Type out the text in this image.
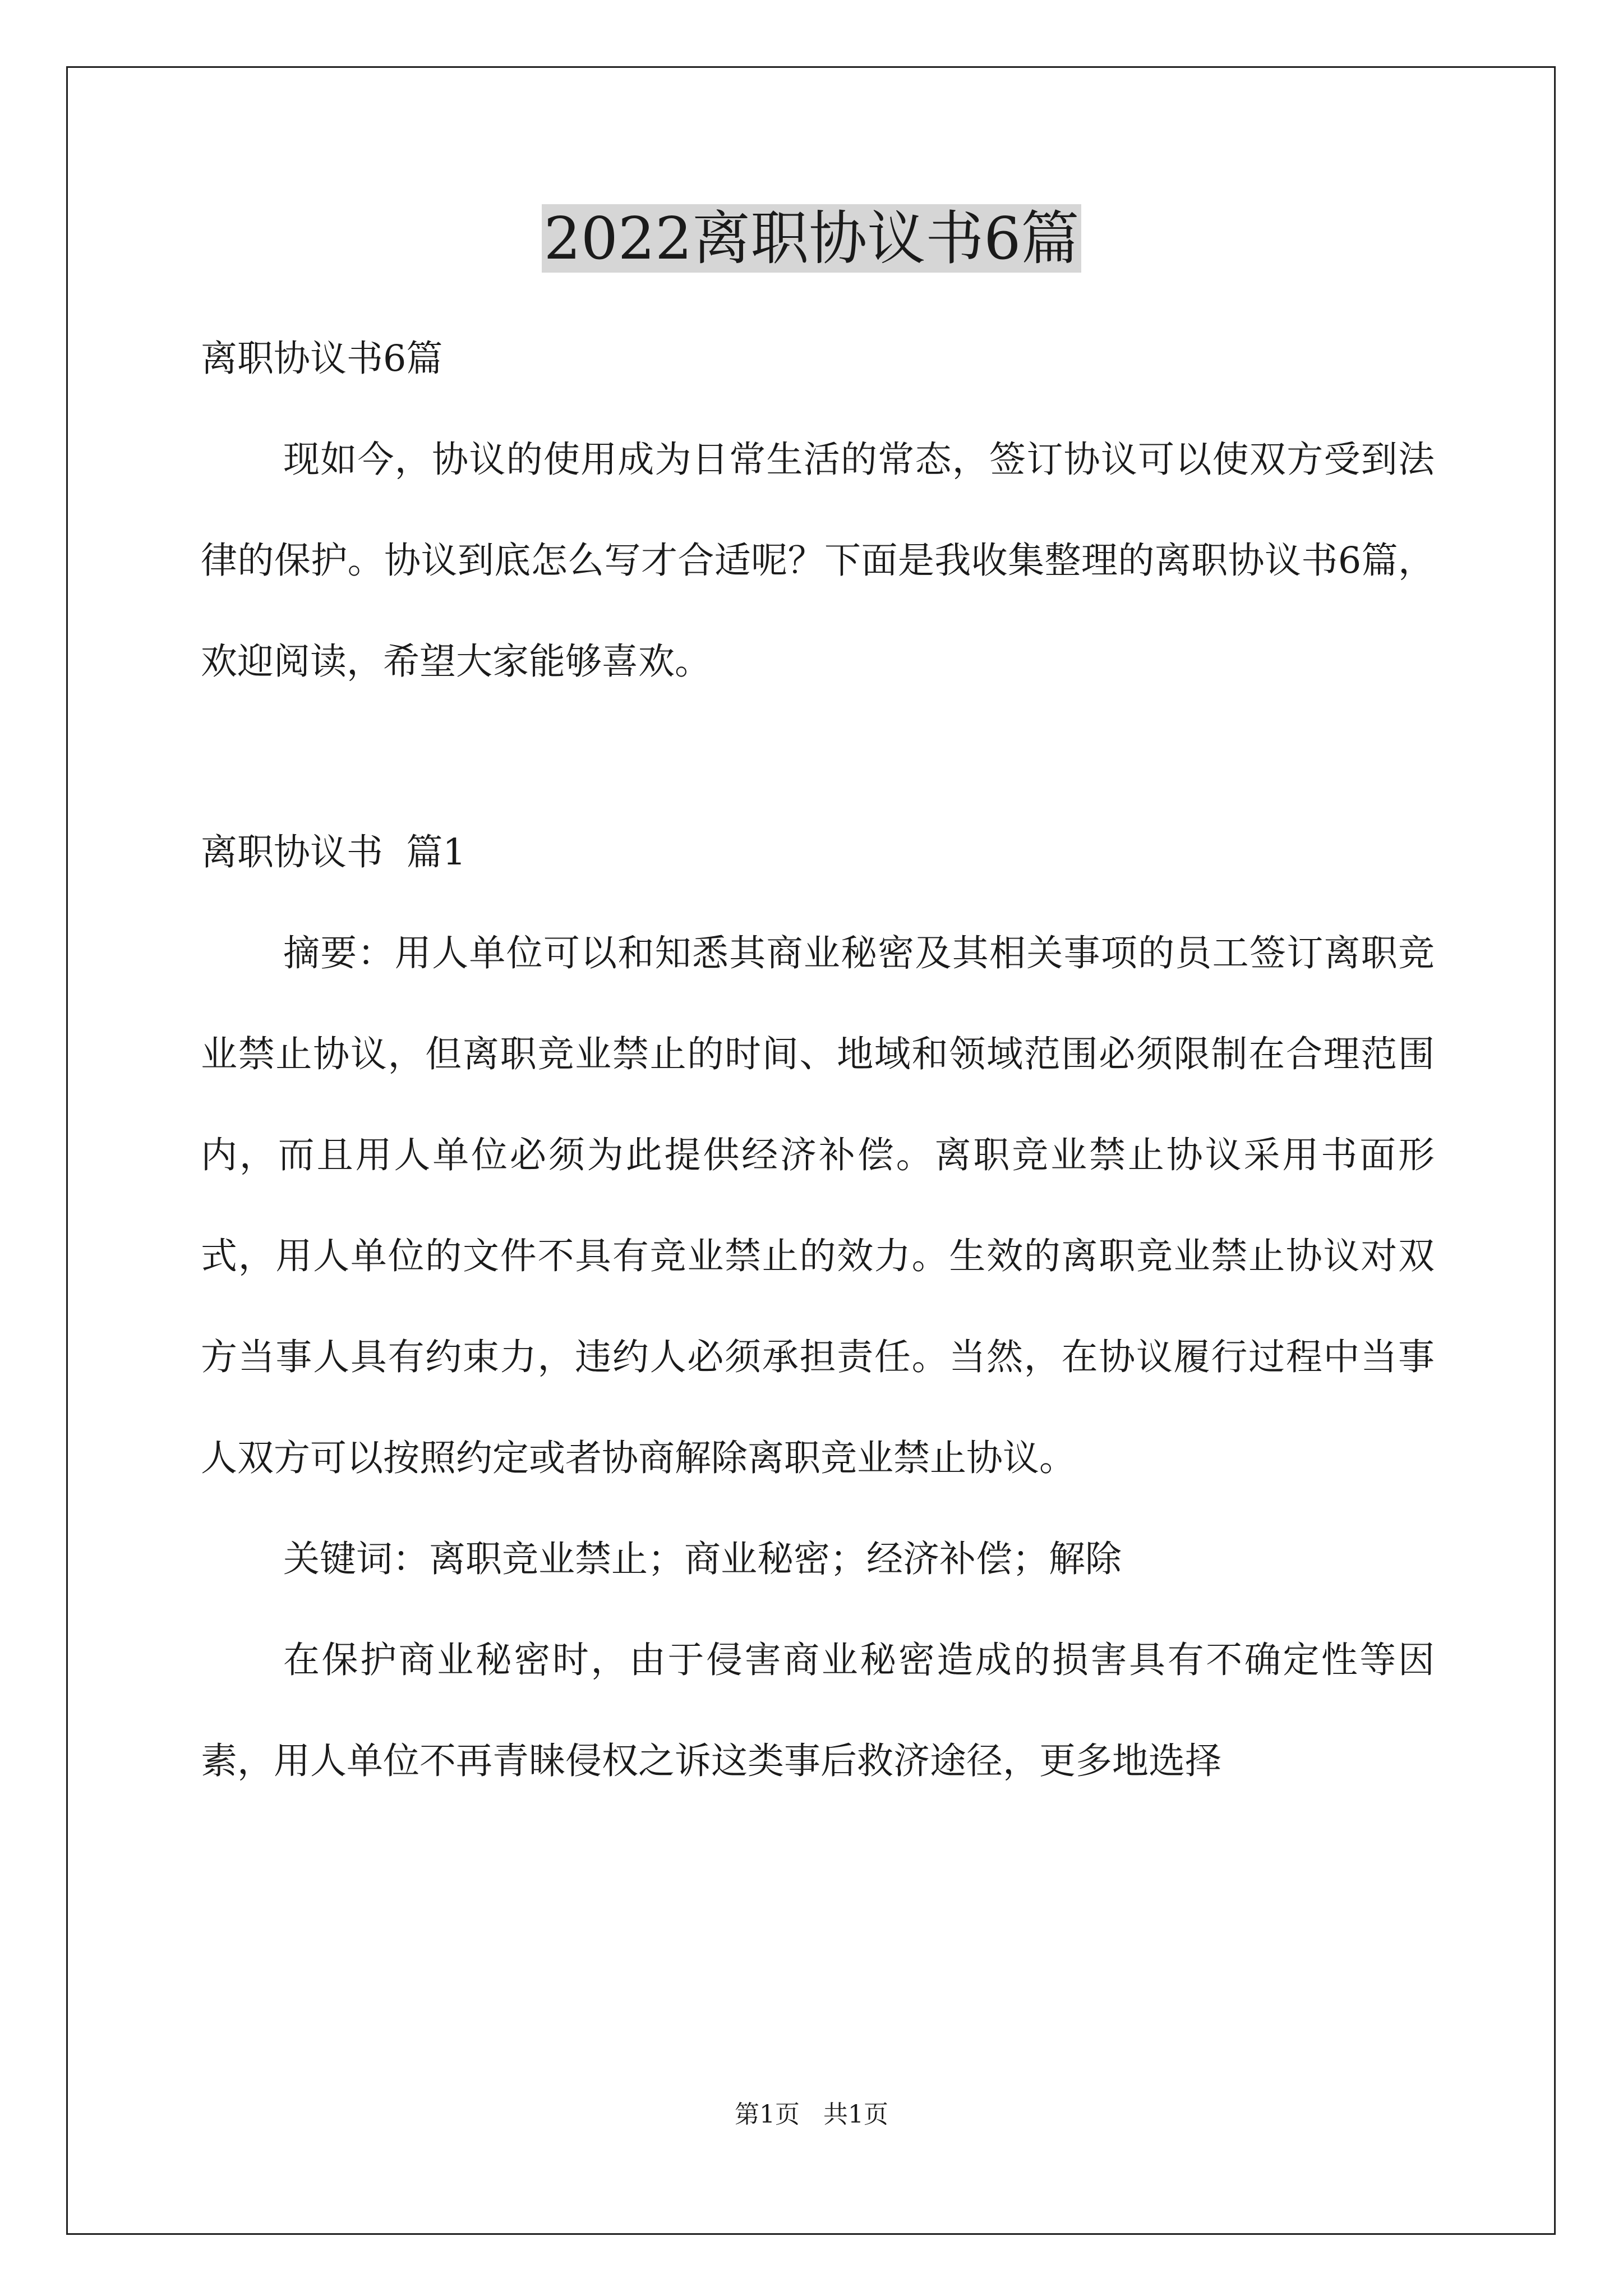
2022离职协议书6篇

离职协议书6篇

现如今，协议的使用成为日常生活的常态，签订协议可以使双方受到法律的保护。协议到底怎么写才合适呢？下面是我收集整理的离职协议书6篇，欢迎阅读，希望大家能够喜欢。

离职协议书  篇1

摘要：用人单位可以和知悉其商业秘密及其相关事项的员工签订离职竞业禁止协议，但离职竞业禁止的时间、地域和领域范围必须限制在合理范围内，而且用人单位必须为此提供经济补偿。离职竞业禁止协议采用书面形式，用人单位的文件不具有竞业禁止的效力。生效的离职竞业禁止协议对双方当事人具有约束力，违约人必须承担责任。当然，在协议履行过程中当事人双方可以按照约定或者协商解除离职竞业禁止协议。

关键词：离职竞业禁止；商业秘密；经济补偿；解除

在保护商业秘密时，由于侵害商业秘密造成的损害具有不确定性等因素，用人单位不再青睐侵权之诉这类事后救济途径，更多地选择

第1页   共1页
